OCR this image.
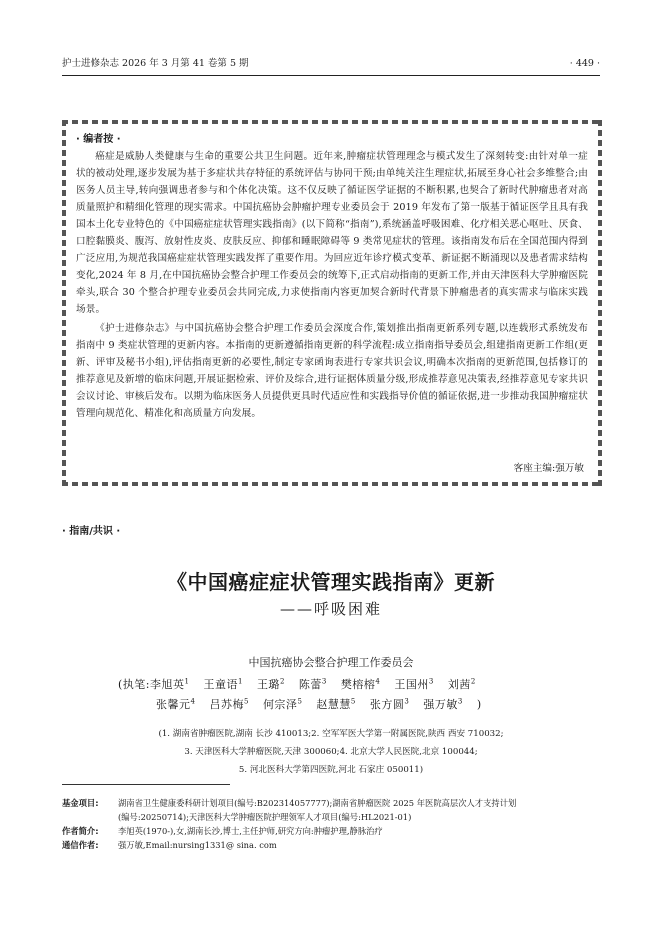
护士进修杂志 2026 年 3 月第 41 卷第 5 期	· 449 ·
· 编者按 ·

癌症是威胁人类健康与生命的重要公共卫生问题。近年来,肿瘤症状管理理念与模式发生了深刻转变:由针对单一症状的被动处理,逐步发展为基于多症状共存特征的系统评估与协同干预;由单纯关注生理症状,拓展至身心社会多维整合;由医务人员主导,转向强调患者参与和个体化决策。这不仅反映了循证医学证据的不断积累,也契合了新时代肿瘤患者对高质量照护和精细化管理的现实需求。中国抗癌协会肿瘤护理专业委员会于 2019 年发布了第一版基于循证医学且具有我国本土化专业特色的《中国癌症症状管理实践指南》(以下简称“指南”),系统涵盖呼吸困难、化疗相关恶心呕吐、厌食、口腔黏膜炎、腹泻、放射性皮炎、皮肤反应、抑郁和睡眠障碍等 9 类常见症状的管理。该指南发布后在全国范围内得到广泛应用,为规范我国癌症症状管理实践发挥了重要作用。为回应近年诊疗模式变革、新证据不断涌现以及患者需求结构变化,2024 年 8 月,在中国抗癌协会整合护理工作委员会的统筹下,正式启动指南的更新工作,并由天津医科大学肿瘤医院牵头,联合 30 个整合护理专业委员会共同完成,力求使指南内容更加契合新时代背景下肿瘤患者的真实需求与临床实践场景。

《护士进修杂志》与中国抗癌协会整合护理工作委员会深度合作,策划推出指南更新系列专题,以连载形式系统发布指南中 9 类症状管理的更新内容。本指南的更新遵循指南更新的科学流程:成立指南指导委员会,组建指南更新工作组(更新、评审及秘书小组),评估指南更新的必要性,制定专家函询表进行专家共识会议,明确本次指南的更新范围,包括修订的推荐意见及新增的临床问题,开展证据检索、评价及综合,进行证据体质量分级,形成推荐意见决策表,经推荐意见专家共识会议讨论、审核后发布。以期为临床医务人员提供更具时代适应性和实践指导价值的循证依据,进一步推动我国肿瘤症状管理向规范化、精准化和高质量方向发展。

客座主编:强万敏
· 指南/共识 ·
《中国癌症症状管理实践指南》更新
——呼吸困难
中国抗癌协会整合护理工作委员会
(执笔:李旭英$^1$ 王童语$^1$ 王璐$^2$ 陈蕾$^3$ 樊榕榕$^4$ 王国州$^3$ 刘茜$^2$
张馨元$^4$ 吕苏梅$^5$ 何宗泽$^5$ 赵慧慧$^5$ 张方圆$^3$ 强万敏$^3$ )
(1. 湖南省肿瘤医院,湖南 长沙 410013;2. 空军军医大学第一附属医院,陕西 西安 710032;
3. 天津医科大学肿瘤医院,天津 300060;4. 北京大学人民医院,北京 100044;
5. 河北医科大学第四医院,河北 石家庄 050011)
基金项目: 湖南省卫生健康委科研计划项目(编号:B202314057777);湖南省肿瘤医院 2025 年医院高层次人才支持计划
(编号:20250714);天津医科大学肿瘤医院护理领军人才项目(编号:HL2021-01)
作者简介: 李旭英(1970-),女,湖南长沙,博士,主任护师,研究方向:肿瘤护理,静脉治疗
通信作者: 强万敏,Email:nursing1331@ sina. com
